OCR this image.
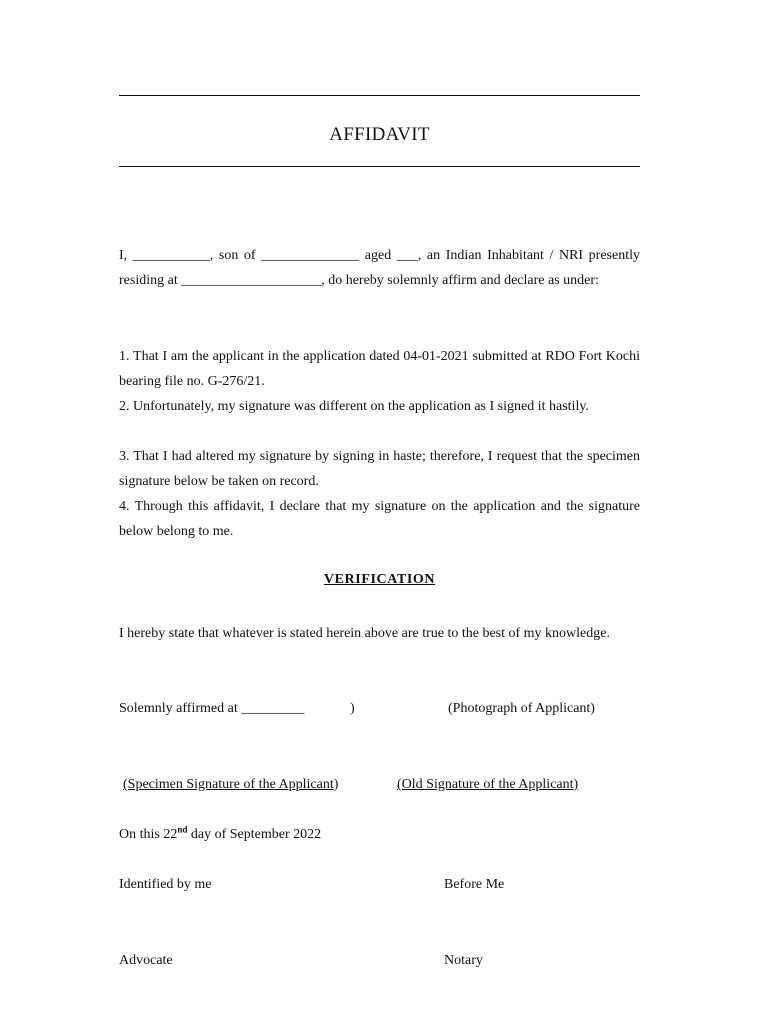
AFFIDAVIT

I, ___________, son of ______________ aged ___, an Indian Inhabitant / NRI presently residing at ____________________, do hereby solemnly affirm and declare as under:

1. That I am the applicant in the application dated 04-01-2021 submitted at RDO Fort Kochi bearing file no. G-276/21.

2. Unfortunately, my signature was different on the application as I signed it hastily.

3. That I had altered my signature by signing in haste; therefore, I request that the specimen signature below be taken on record.

4. Through this affidavit, I declare that my signature on the application and the signature below belong to me.

VERIFICATION

I hereby state that whatever is stated herein above are true to the best of my knowledge.

Solemnly affirmed at _________	)	(Photograph of Applicant)
(Specimen Signature of the Applicant)	(Old Signature of the Applicant)
On this 22nd day of September 2022
Identified by me	Before Me
Advocate	Notary
